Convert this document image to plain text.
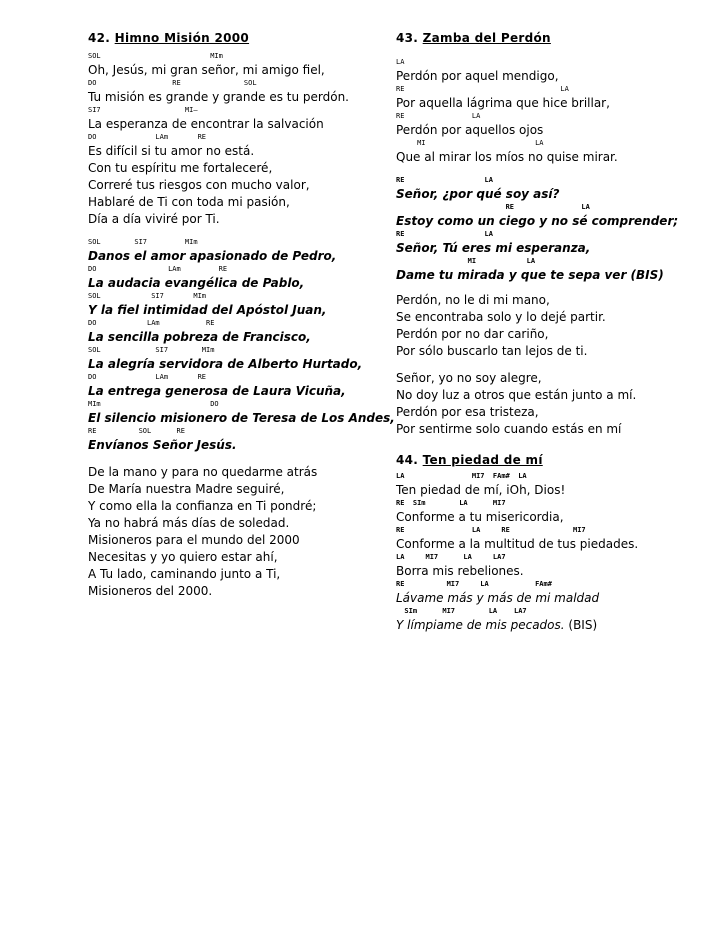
42. Himno Misión 2000
SOL                          MIm
Oh, Jesús, mi gran señor, mi amigo fiel,
DO                  RE               SOL
Tu misión es grande y grande es tu perdón.
SI7                    MI—
La esperanza de encontrar la salvación
DO              LAm       RE
Es difícil si tu amor no está.
Con tu espíritu me fortaleceré,
Correré tus riesgos con mucho valor,
Hablaré de Ti con toda mi pasión,
Día a día viviré por Ti.
SOL        SI7         MIm
Danos el amor apasionado de Pedro,
DO                 LAm         RE
La audacia evangélica de Pablo,
SOL            SI7       MIm
Y la fiel intimidad del Apóstol Juan,
DO            LAm           RE
La sencilla pobreza de Francisco,
SOL             SI7        MIm
La alegría servidora de Alberto Hurtado,
DO              LAm       RE
La entrega generosa de Laura Vicuña,
MIm                          DO
El silencio misionero de Teresa de Los Andes,
RE          SOL      RE
Envíanos Señor Jesús.
De la mano y para no quedarme atrás
De María nuestra Madre seguiré,
Y como ella la confianza en Ti pondré;
Ya no habrá más días de soledad.
Misioneros para el mundo del 2000
Necesitas y yo quiero estar ahí,
A Tu lado, caminando junto a Ti,
Misioneros del 2000.
43. Zamba del Perdón
LA
Perdón por aquel mendigo,
RE                                     LA
Por aquella lágrima que hice brillar,
RE                LA
Perdón por aquellos ojos
MI                          LA
Que al mirar los míos no quise mirar.
RE                   LA
Señor, ¿por qué soy así?
RE                LA
Estoy como un ciego y no sé comprender;
RE                   LA
Señor, Tú eres mi esperanza,
MI            LA
Dame tu mirada y que te sepa ver (BIS)
Perdón, no le di mi mano,
Se encontraba solo y lo dejé partir.
Perdón por no dar cariño,
Por sólo buscarlo tan lejos de ti.
Señor, yo no soy alegre,
No doy luz a otros que están junto a mí.
Perdón por esa tristeza,
Por sentirme solo cuando estás en mí
44. Ten piedad de mí
LA                MI7  FAm#  LA
Ten piedad de mí, iOh, Dios!
RE  SIm        LA      MI7
Conforme a tu misericordia,
RE                LA     RE               MI7
Conforme a la multitud de tus piedades.
LA     MI7      LA     LA7
Borra mis rebeliones.
RE          MI7     LA           FAm#
Lávame más y más de mi maldad
SIm      MI7        LA    LA7
Y límpiame de mis pecados. (BIS)
